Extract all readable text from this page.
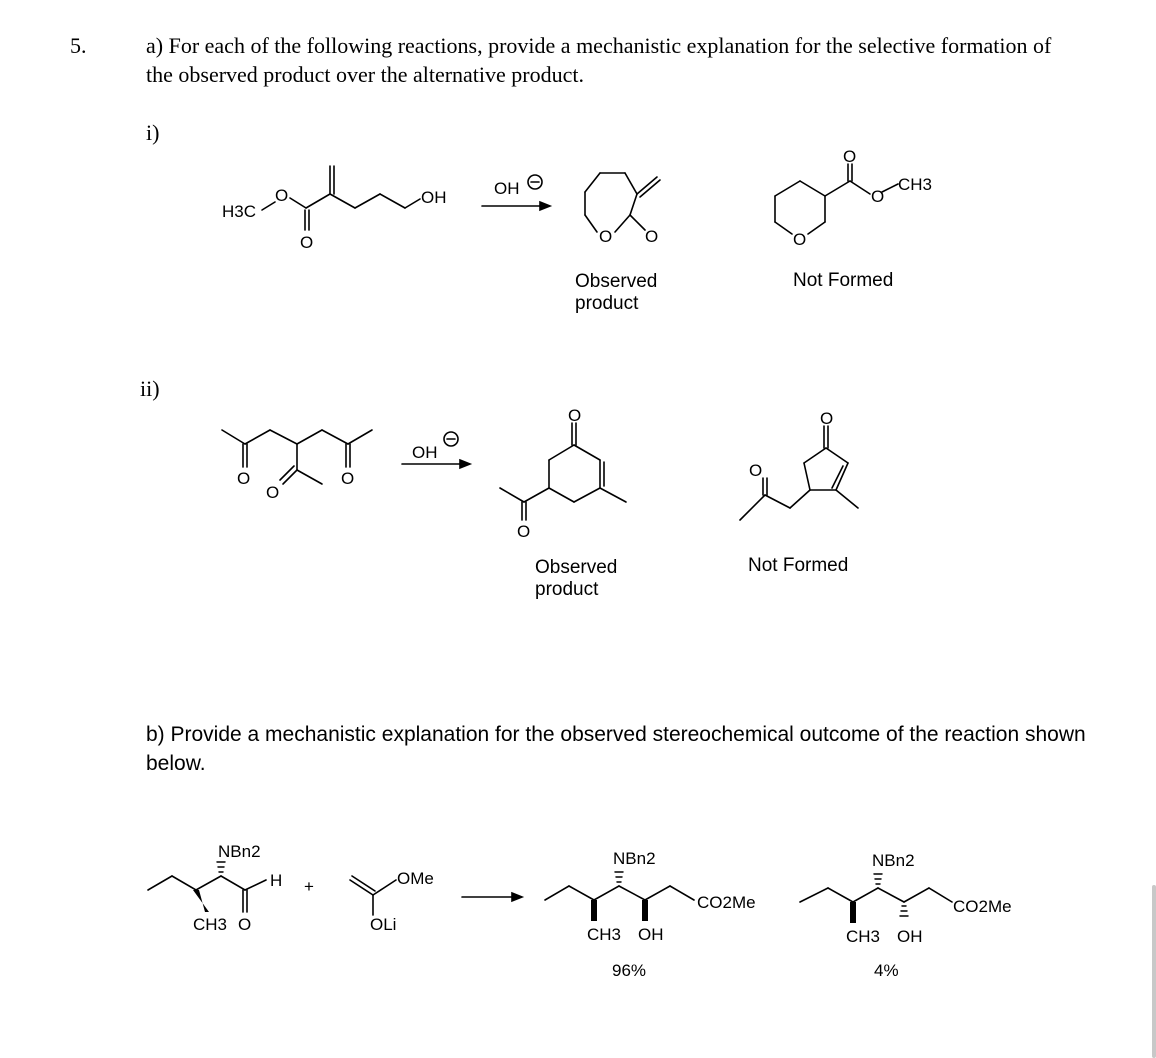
5.	a) For each of the following reactions, provide a mechanistic explanation for the selective formation of the observed product over the alternative product.
i)
ii)
Observed
product
Not Formed
Observed
product
Not Formed
b) Provide a mechanistic explanation for the observed stereochemical outcome of the reaction shown below.
H3C
O
O
OH	OH
O O	O
O
O
CH3
O	O
O
OH
O
O
O
O
NBn2
H
CH3 O
+	OMe
OLi
NBn2
CO2Me
CH3 OH
96%
NBn2
CO2Me
CH3 OH
4%
